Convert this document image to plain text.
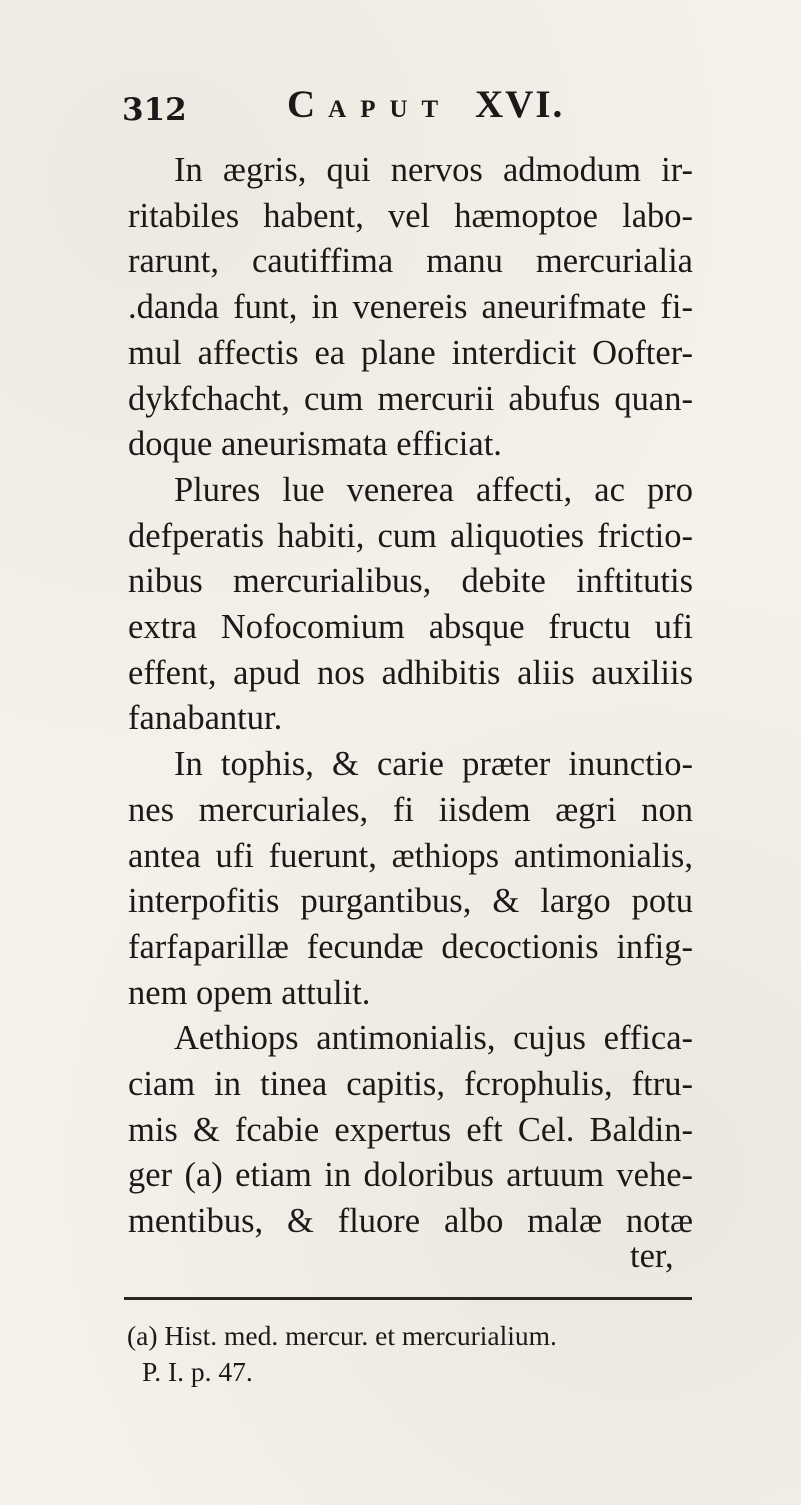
312	CAPUT XVI.
In ægris, qui nervos admodum ir-
ritabiles habent, vel hæmoptoe labo-
rarunt, cautiffima manu mercurialia
.danda funt, in venereis aneurifmate fi-
mul affectis ea plane interdicit Oofter-
dykfchacht, cum mercurii abufus quan-
doque aneurismata efficiat.
Plures lue venerea affecti, ac pro
defperatis habiti, cum aliquoties frictio-
nibus mercurialibus, debite inftitutis
extra Nofocomium absque fructu ufi
effent, apud nos adhibitis aliis auxiliis
fanabantur.
In tophis, & carie præter inunctio-
nes mercuriales, fi iisdem ægri non
antea ufi fuerunt, æthiops antimonialis,
interpofitis purgantibus, & largo potu
farfaparillæ fecundæ decoctionis infig-
nem opem attulit.
Aethiops antimonialis, cujus effica-
ciam in tinea capitis, fcrophulis, ftru-
mis & fcabie expertus eft Cel. Baldin-
ger (a) etiam in doloribus artuum vehe-
mentibus, & fluore albo malæ notæ
ter,
(a) Hist. med. mercur. et mercurialium.
P. I. p. 47.
